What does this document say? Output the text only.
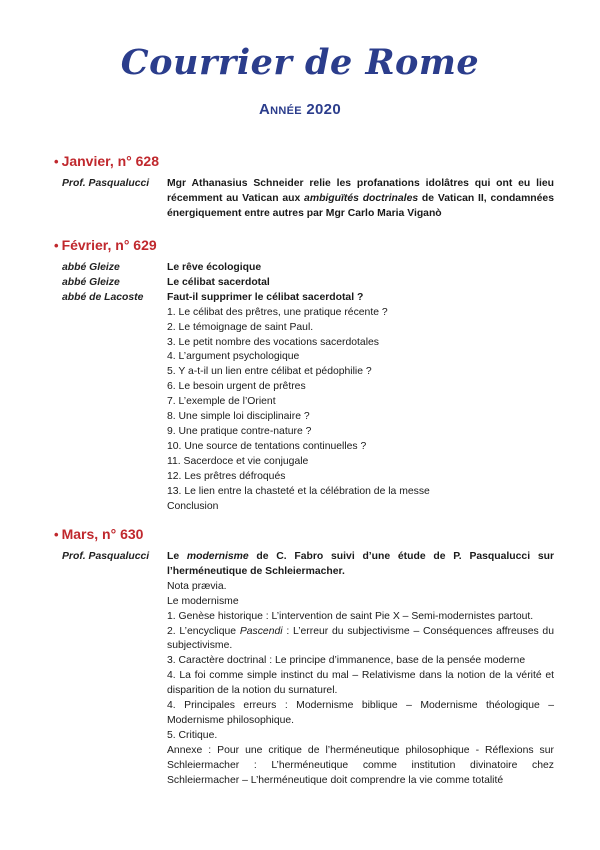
Courrier de Rome
Année 2020
• Janvier, n° 628
Prof. Pasqualucci	Mgr Athanasius Schneider relie les profanations idolâtres qui ont eu lieu récemment au Vatican aux ambiguïtés doctrinales de Vatican II, condamnées énergiquement entre autres par Mgr Carlo Maria Viganò
• Février, n° 629
abbé Gleize	Le rêve écologique
abbé Gleize	Le célibat sacerdotal
abbé de Lacoste	Faut-il supprimer le célibat sacerdotal ?
1. Le célibat des prêtres, une pratique récente ?
2. Le témoignage de saint Paul.
3. Le petit nombre des vocations sacerdotales
4. L’argument psychologique
5. Y a-t-il un lien entre célibat et pédophilie ?
6. Le besoin urgent de prêtres
7. L’exemple de l’Orient
8. Une simple loi disciplinaire ?
9. Une pratique contre-nature ?
10. Une source de tentations continuelles ?
11. Sacerdoce et vie conjugale
12. Les prêtres défroqués
13. Le lien entre la chasteté et la célébration de la messe
Conclusion
• Mars, n° 630
Prof. Pasqualucci	Le modernisme de C. Fabro suivi d’une étude de P. Pasqualucci sur l’herméneutique de Schleiermacher.
Nota prævia.
Le modernisme
1. Genèse historique : L’intervention de saint Pie X – Semi-modernistes partout.
2. L’encyclique Pascendi : L’erreur du subjectivisme – Conséquences affreuses du subjectivisme.
3. Caractère doctrinal : Le principe d’immanence, base de la pensée moderne
4. La foi comme simple instinct du mal – Relativisme dans la notion de la vérité et disparition de la notion du surnaturel.
4. Principales erreurs : Modernisme biblique – Modernisme théologique – Modernisme philosophique.
5. Critique.
Annexe : Pour une critique de l’herméneutique philosophique - Réflexions sur Schleiermacher : L’herméneutique comme institution divinatoire chez Schleiermacher – L’herméneutique doit comprendre la vie comme totalité
